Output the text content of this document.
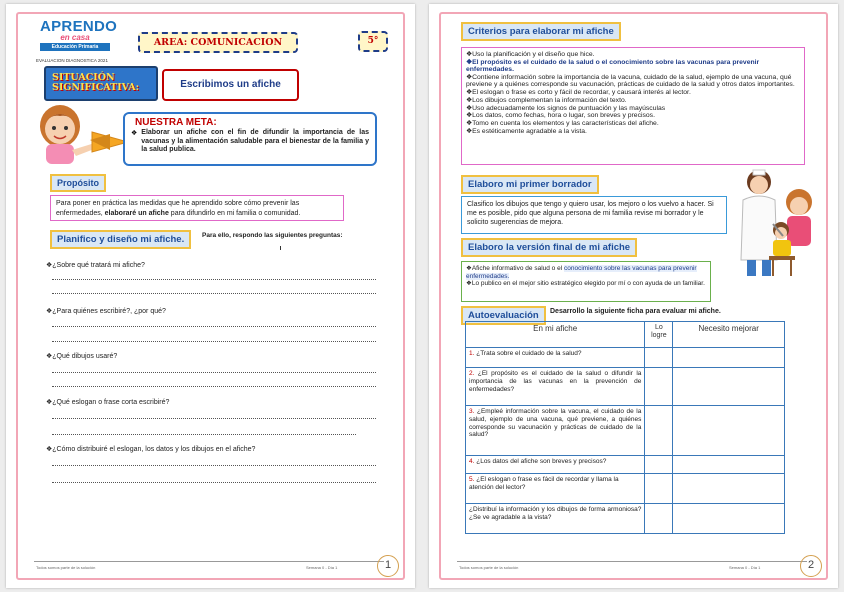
APRENDO
en casa
Educación Primaria
EVALUACION DIAGNOSTICA 2021
AREA: COMUNICACION	5°
SITUACIÓN SIGNIFICATIVA:	Escribimos un afiche
NUESTRA META:
❖ Elaborar un afiche con el fin de difundir la importancia de las vacunas y la alimentación saludable para el bienestar de la familia y la salud publica.
Propósito
Para poner en práctica las medidas que he aprendido sobre cómo prevenir las enfermedades, elaboraré un afiche para difundirlo en mi familia o comunidad.
Planifico y diseño mi afiche.	Para ello, respondo las siguientes preguntas:
❖¿Sobre qué tratará mi afiche?
❖¿Para quiénes escribiré?, ¿por qué?
❖¿Qué dibujos usaré?
❖¿Qué eslogan o frase corta escribiré?
❖¿Cómo distribuiré el eslogan, los datos y los dibujos en el afiche?
Todos somos parte de la solución	Semana 0 - Día 1	1
Criterios para elaborar mi afiche
❖Uso la planificación y el diseño que hice.
❖El propósito es el cuidado de la salud o el conocimiento sobre las vacunas para prevenir enfermedades.
❖Contiene información sobre la importancia de la vacuna, cuidado de la salud, ejemplo de una vacuna, qué previene y a quiénes corresponde su vacunación, prácticas de cuidado de la salud y otros datos importantes.
❖El eslogan o frase es corto y fácil de recordar, y causará interés al lector.
❖Los dibujos complementan la información del texto.
❖Uso adecuadamente los signos de puntuación y las mayúsculas
❖Los datos, como fechas, hora o lugar, son breves y precisos.
❖Tomo en cuenta los elementos y las características del afiche.
❖Es estéticamente agradable a la vista.
Elaboro mi primer borrador
Clasifico los dibujos que tengo y quiero usar, los mejoro o los vuelvo a hacer. Si me es posible, pido que alguna persona de mi familia revise mi borrador y le solicito sugerencias de mejora.
Elaboro la versión final de mi afiche
❖Afiche informativo de salud o el conocimiento sobre las vacunas para prevenir enfermedades.
❖Lo publico en el mejor sitio estratégico elegido por mí o con ayuda de un familiar.
Autoevaluación	Desarrollo la siguiente ficha para evaluar mi afiche.
En mi afiche	Lo logre	Necesito mejorar
1. ¿Trata sobre el cuidado de la salud?		
2. ¿El propósito es el cuidado de la salud o difundir la importancia de las vacunas en la prevención de enfermedades?		
3. ¿Empleé información sobre la vacuna, el cuidado de la salud, ejemplo de una vacuna, qué previene, a quiénes corresponde su vacunación y prácticas de cuidado de la salud?		
4. ¿Los datos del afiche son breves y precisos?		
5. ¿El eslogan o frase es fácil de recordar y llama la atención del lector?		
¿Distribuí la información y los dibujos de forma armoniosa? ¿Se ve agradable a la vista?		
Todos somos parte de la solución	Semana 0 - Día 1	2
